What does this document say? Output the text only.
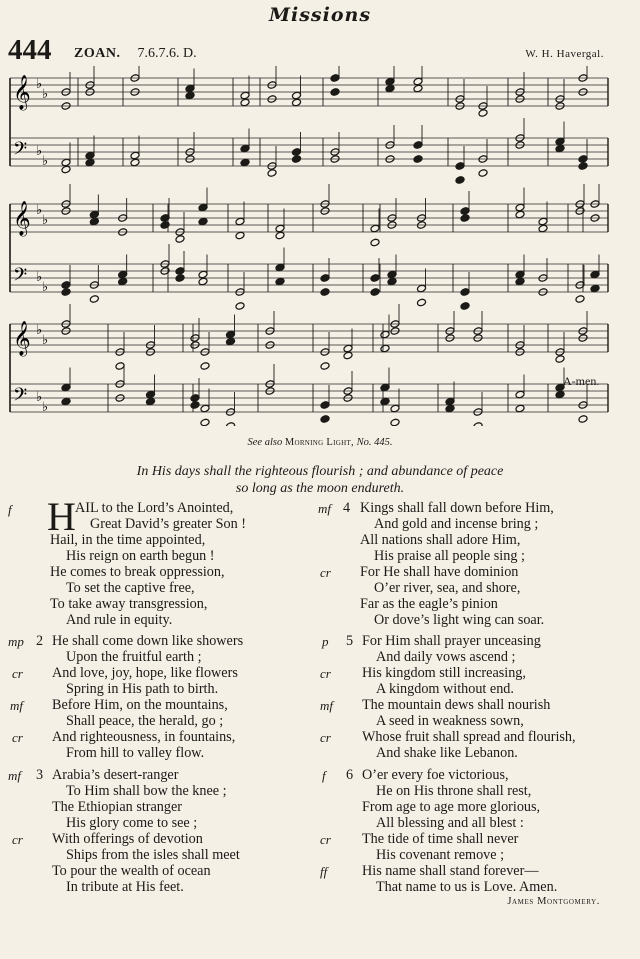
Missions
444 ZOAN. 7.6.7.6. D.	W. H. Havergal.
𝄞 ♭
♭
𝄢 ♭
♭
𝄞 ♭
♭
𝄢 ♭
♭
𝄞 ♭
♭
𝄢 ♭
♭
A-men.
See also Morning Light, No. 445.
In His days shall the righteous flourish ; and abundance of peace
so long as the moon endureth.
H
f	AIL to the Lord’s Anointed,
Great David’s greater Son !
Hail, in the time appointed,
His reign on earth begun !
He comes to break oppression,
To set the captive free,
To take away transgression,
And rule in equity.
mp 2 He shall come down like showers
Upon the fruitful earth ;
cr And love, joy, hope, like flowers
Spring in His path to birth.
mf Before Him, on the mountains,
Shall peace, the herald, go ;
cr And righteousness, in fountains,
From hill to valley flow.
mf 3 Arabia’s desert-ranger
To Him shall bow the knee ;
The Ethiopian stranger
His glory come to see ;
cr With offerings of devotion
Ships from the isles shall meet
To pour the wealth of ocean
In tribute at His feet.
mf 4 Kings shall fall down before Him,
And gold and incense bring ;
All nations shall adore Him,
His praise all people sing ;
cr For He shall have dominion
O’er river, sea, and shore,
Far as the eagle’s pinion
Or dove’s light wing can soar.
p 5 For Him shall prayer unceasing
And daily vows ascend ;
cr His kingdom still increasing,
A kingdom without end.
mf The mountain dews shall nourish
A seed in weakness sown,
cr Whose fruit shall spread and flourish,
And shake like Lebanon.
f 6 O’er every foe victorious,
He on His throne shall rest,
From age to age more glorious,
All blessing and all blest :
cr The tide of time shall never
His covenant remove ;
ff His name shall stand forever—
That name to us is Love. Amen.
James Montgomery.
